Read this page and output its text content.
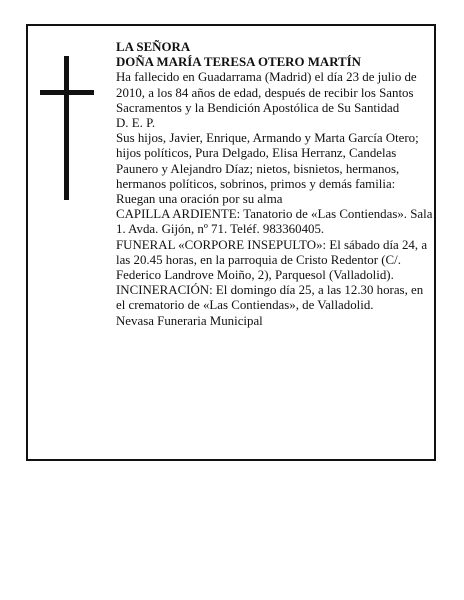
LA SEÑORA

DOÑA MARÍA TERESA OTERO MARTÍN

Ha fallecido en Guadarrama (Madrid) el día 23 de julio de 2010, a los 84 años de edad, después de recibir los Santos Sacramentos y la Bendición Apostólica de Su Santidad

D. E. P.

Sus hijos, Javier, Enrique, Armando y Marta García Otero; hijos políticos, Pura Delgado, Elisa Herranz, Candelas Paunero y Alejandro Díaz; nietos, bisnietos, hermanos, hermanos políticos, sobrinos, primos y demás familia:

Ruegan una oración por su alma

CAPILLA ARDIENTE: Tanatorio de «Las Contiendas». Sala 1. Avda. Gijón, nº 71. Teléf. 983360405.

FUNERAL «CORPORE INSEPULTO»: El sábado día 24, a las 20.45 horas, en la parroquia de Cristo Redentor (C/. Federico Landrove Moiño, 2), Parquesol (Valladolid). INCINERACIÓN: El domingo día 25, a las 12.30 horas, en el crematorio de «Las Contiendas», de Valladolid.

Nevasa Funeraria Municipal
